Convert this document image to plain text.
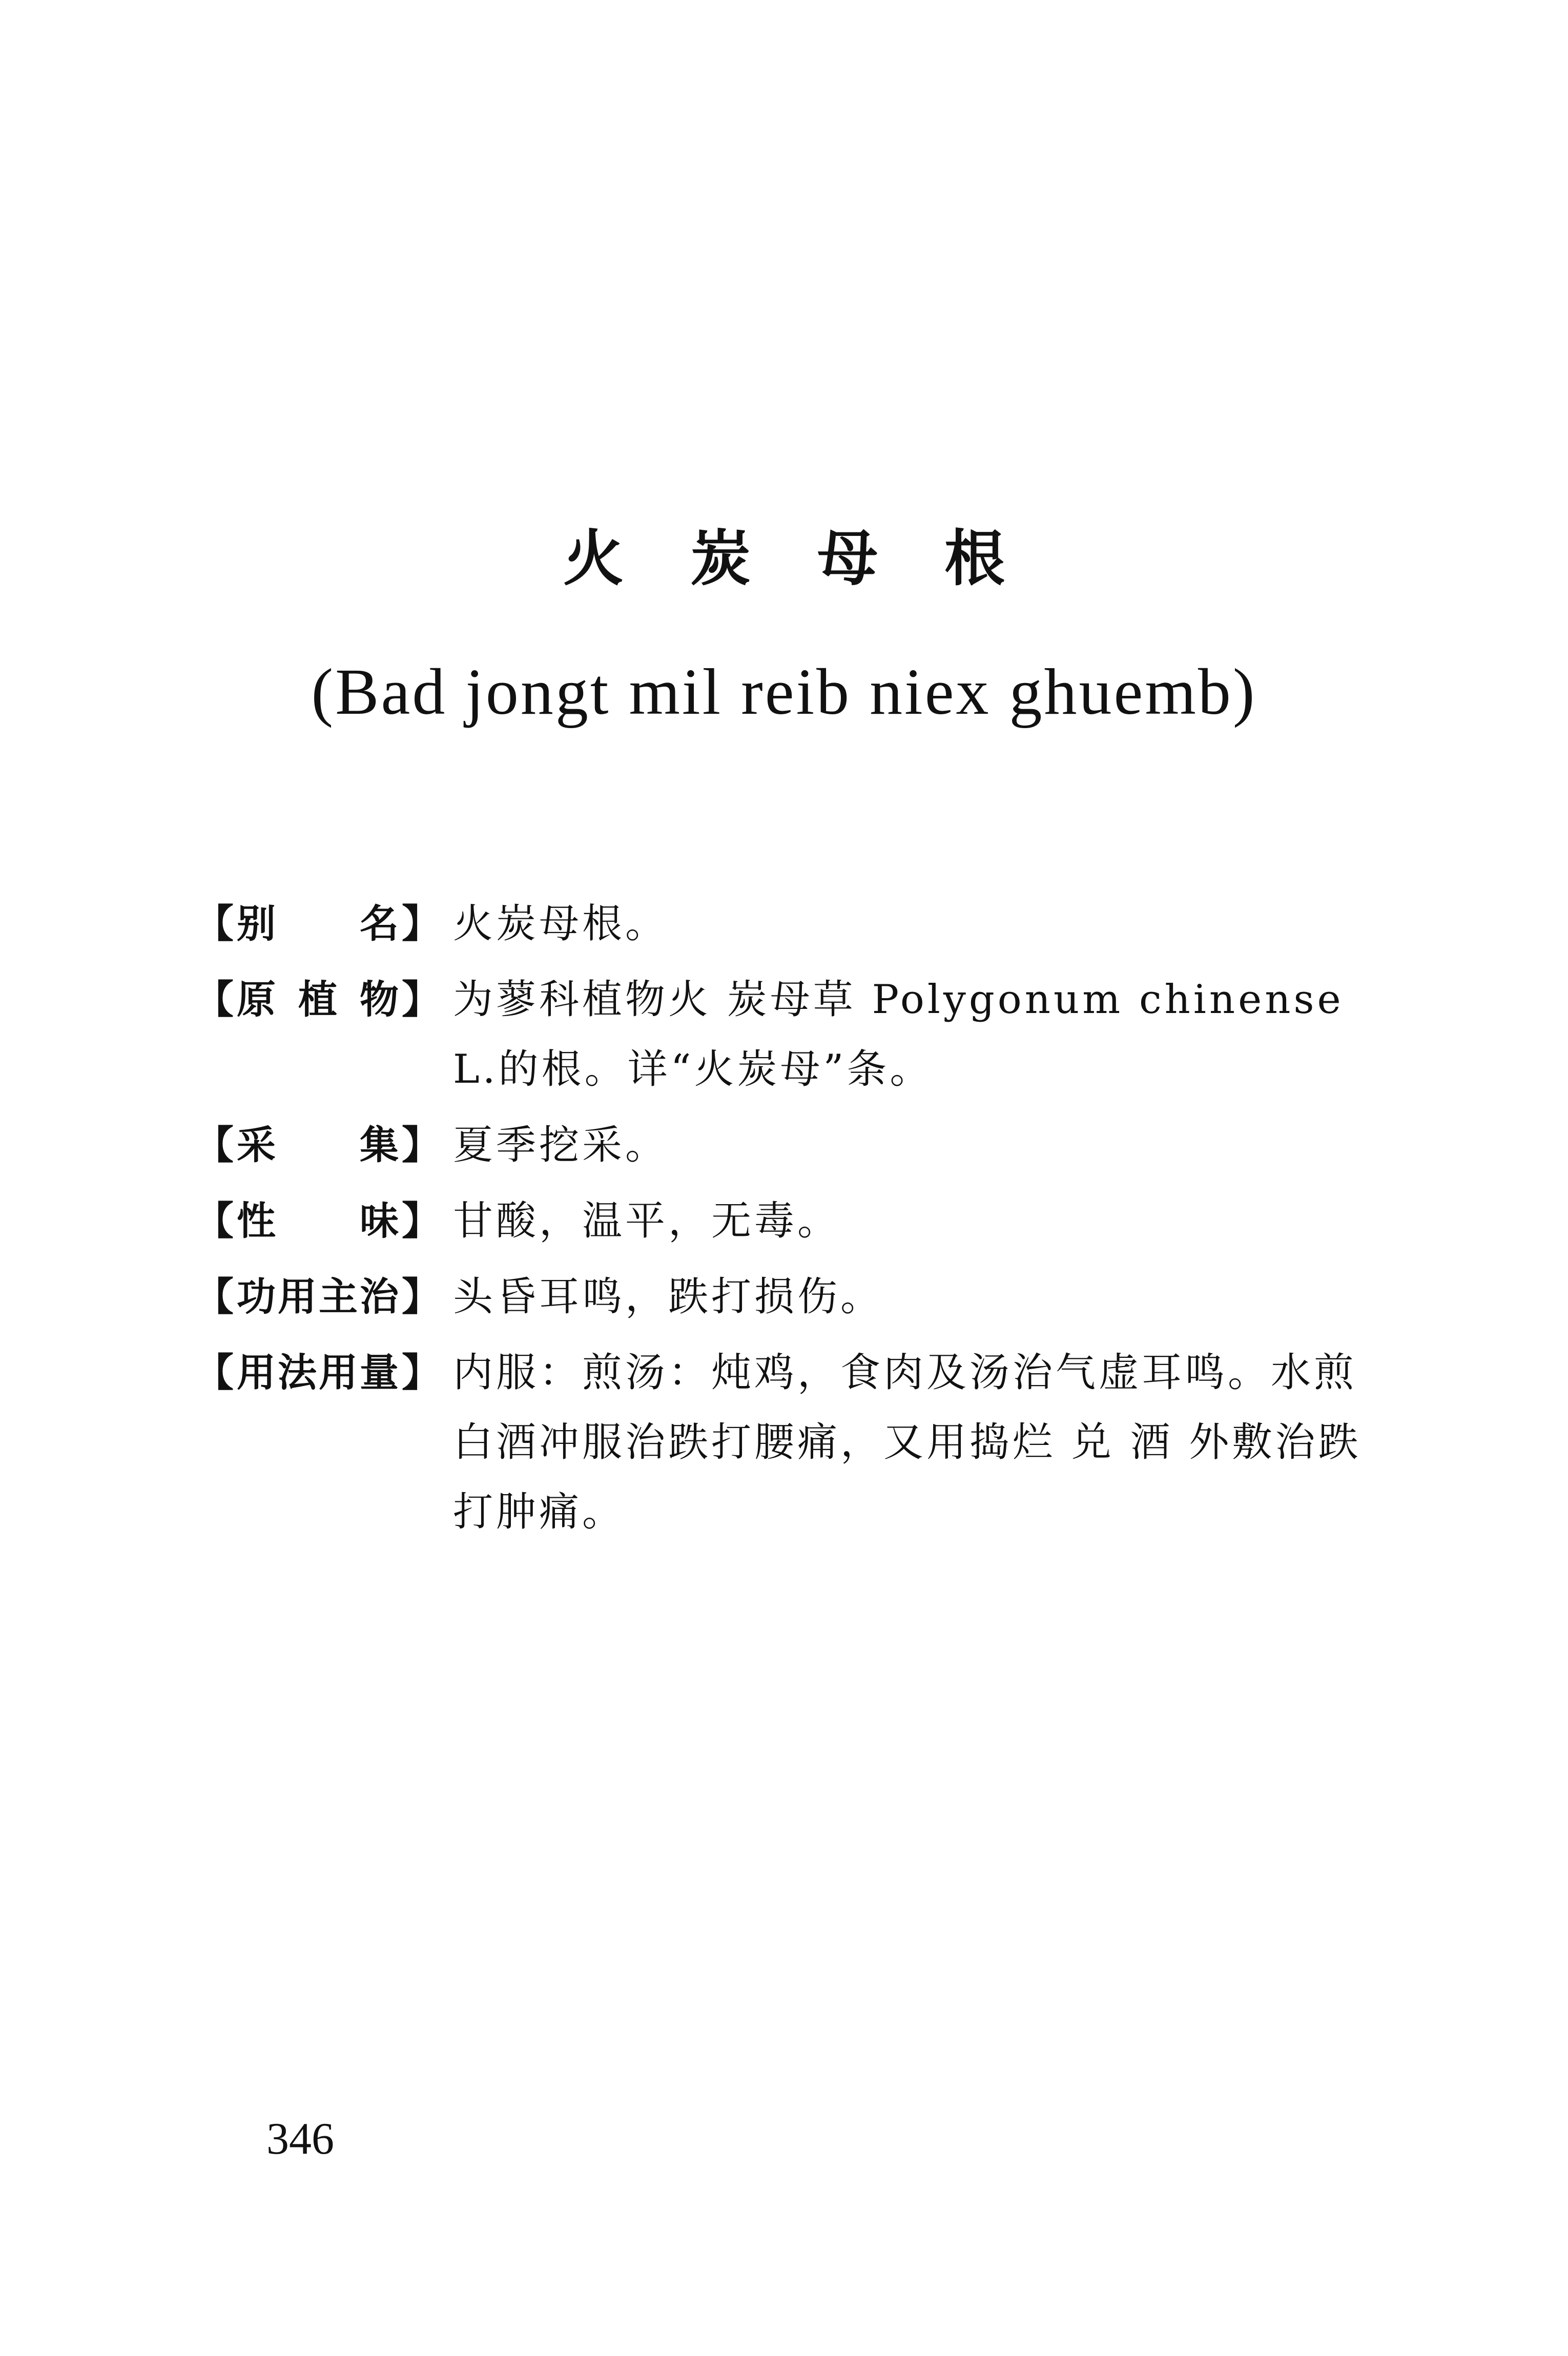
火炭母根
(Bad jongt mil reib niex ghuemb)
【 别 名 】 火炭母根。
【 原 植 物 】 为蓼科植物火 炭母草 Polygonum chinense L.的根。详“火炭母”条。
【 采 集 】 夏季挖采。
【 性 味 】 甘酸，温平，无毒。
【 功 用 主 治 】 头昏耳鸣，跌打损伤。
【 用 法 用 量 】 内服：煎汤：炖鸡，食肉及汤治气虚耳鸣。水煎白酒冲服治跌打腰痛，又用捣烂 兑 酒 外敷治跌打肿痛。
346
